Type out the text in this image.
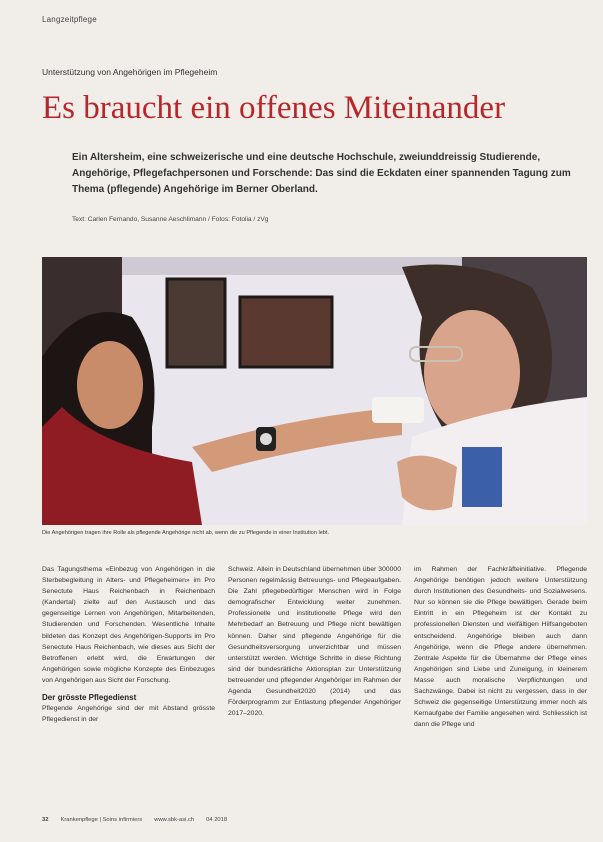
Langzeitpflege
Unterstützung von Angehörigen im Pflegeheim
Es braucht ein offenes Miteinander

Ein Altersheim, eine schweizerische und eine deutsche Hochschule, zweiunddreissig Studierende, Angehörige, Pflegefachpersonen und Forschende: Das sind die Eckdaten einer spannenden Tagung zum Thema (pflegende) Angehörige im Berner Oberland.

Text: Carlen Fernando, Susanne Aeschlimann / Fotos: Fotolia / zVg
Die Angehörigen tragen ihre Rolle als pflegende Angehörige nicht ab, wenn die zu Pflegende in einer Institution lebt.

Das Tagungsthema «Einbezug von Angehörigen in die Sterbebegleitung in Alters- und Pflegeheimen» im Pro Senectute Haus Reichenbach in Reichenbach (Kandertal) zielte auf den Austausch und das gegenseitige Lernen von Angehörigen, Mitarbeitenden, Studierenden und Forschenden. Wesentliche Inhalte bildeten das Konzept des Angehörigen-Supports im Pro Senectute Haus Reichenbach, wie dieses aus Sicht der Betroffenen erlebt wird, die Erwartungen der Angehörigen sowie mögliche Konzepte des Einbezuges von Angehörigen aus Sicht der Forschung.

Der grösste Pflegedienst

Pflegende Angehörige sind der mit Abstand grösste Pflegedienst in der

Schweiz. Allein in Deutschland übernehmen über 300000 Personen regelmässig Betreuungs- und Pflegeaufgaben. Die Zahl pflegebedürftiger Menschen wird in Folge demografischer Entwicklung weiter zunehmen. Professionelle und institutionelle Pflege wird den Mehrbedarf an Betreuung und Pflege nicht bewältigen können. Daher sind pflegende Angehörige für die Gesundheitsversorgung unverzichtbar und müssen unterstützt werden. Wichtige Schritte in diese Richtung sind der bundesrätliche Aktionsplan zur Unterstützung betreuender und pflegender Angehöriger im Rahmen der Agenda Gesundheit2020 (2014) und das Förderprogramm zur Entlastung pflegender Angehöriger 2017–2020.

im Rahmen der Fachkräfteinitiative. Pflegende Angehörige benötigen jedoch weitere Unterstützung durch Institutionen des Gesundheits- und Sozialwesens. Nur so können sie die Pflege bewältigen. Gerade beim Eintritt in ein Pflegeheim ist der Kontakt zu professionellen Diensten und vielfältigen Hilfsangeboten entscheidend. Angehörige bleiben auch dann Angehörige, wenn die Pflege andere übernehmen. Zentrale Aspekte für die Übernahme der Pflege eines Angehörigen sind Liebe und Zuneigung, in kleinerem Masse auch moralische Verpflichtungen und Sachzwänge. Dabei ist nicht zu vergessen, dass in der Schweiz die gegenseitige Unterstützung immer noch als Kernaufgabe der Familie angesehen wird. Schliesslich ist dann die Pflege und

32 Krankenpflege | Soins infirmiers www.sbk-asi.ch 04 2018
